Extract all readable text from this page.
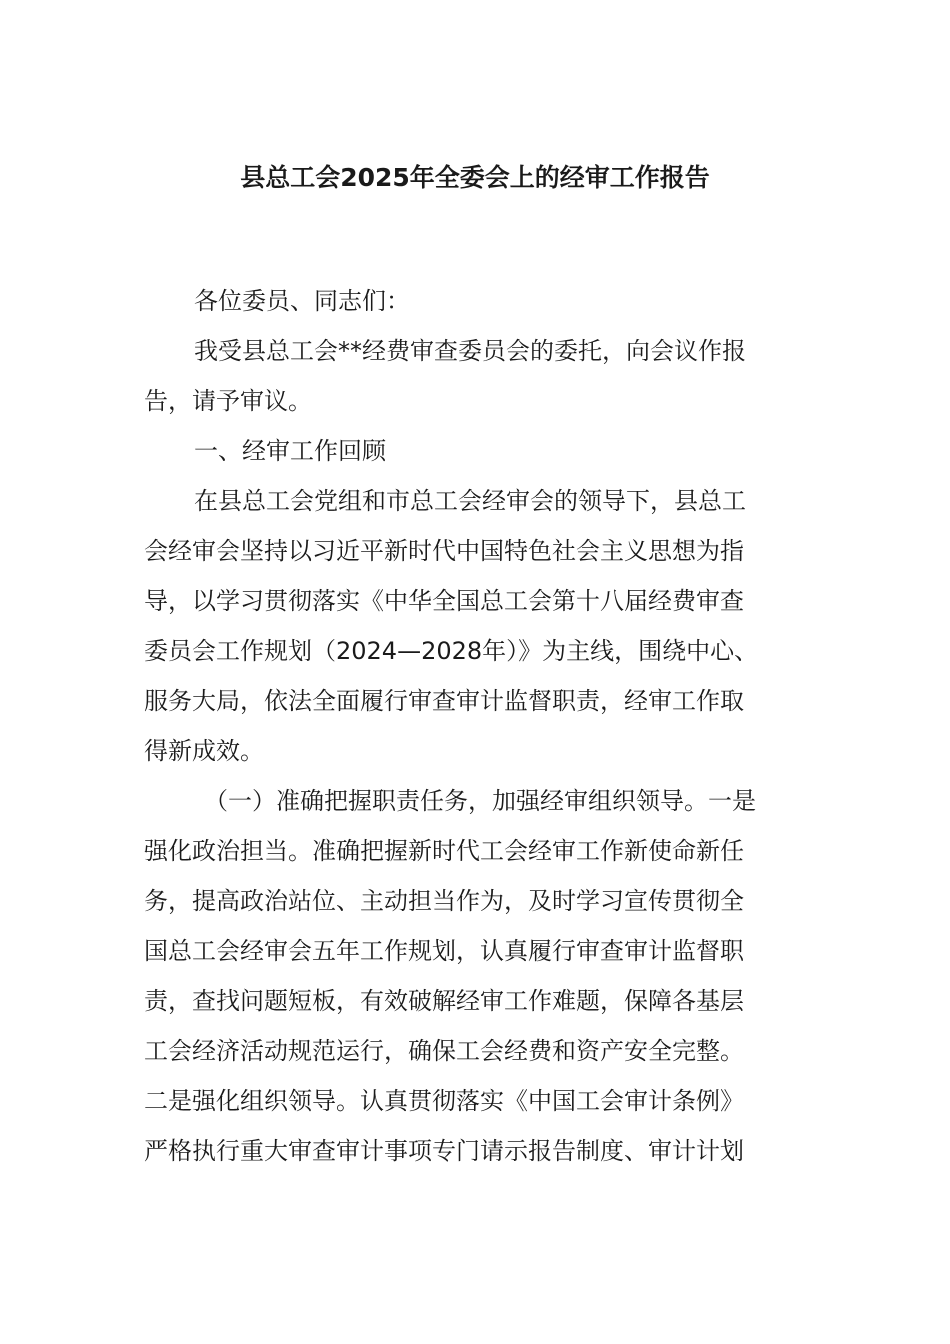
县总工会2025年全委会上的经审工作报告
各位委员、同志们：
我受县总工会**经费审查委员会的委托，向会议作报
告，请予审议。
一、经审工作回顾
在县总工会党组和市总工会经审会的领导下，县总工
会经审会坚持以习近平新时代中国特色社会主义思想为指
导，以学习贯彻落实《中华全国总工会第十八届经费审查
委员会工作规划（2024—2028年）》为主线，围绕中心、
服务大局，依法全面履行审查审计监督职责，经审工作取
得新成效。
（一）准确把握职责任务，加强经审组织领导。一是
强化政治担当。准确把握新时代工会经审工作新使命新任
务，提高政治站位、主动担当作为，及时学习宣传贯彻全
国总工会经审会五年工作规划，认真履行审查审计监督职
责，查找问题短板，有效破解经审工作难题，保障各基层
工会经济活动规范运行，确保工会经费和资产安全完整。
二是强化组织领导。认真贯彻落实《中国工会审计条例》
严格执行重大审查审计事项专门请示报告制度、审计计划
